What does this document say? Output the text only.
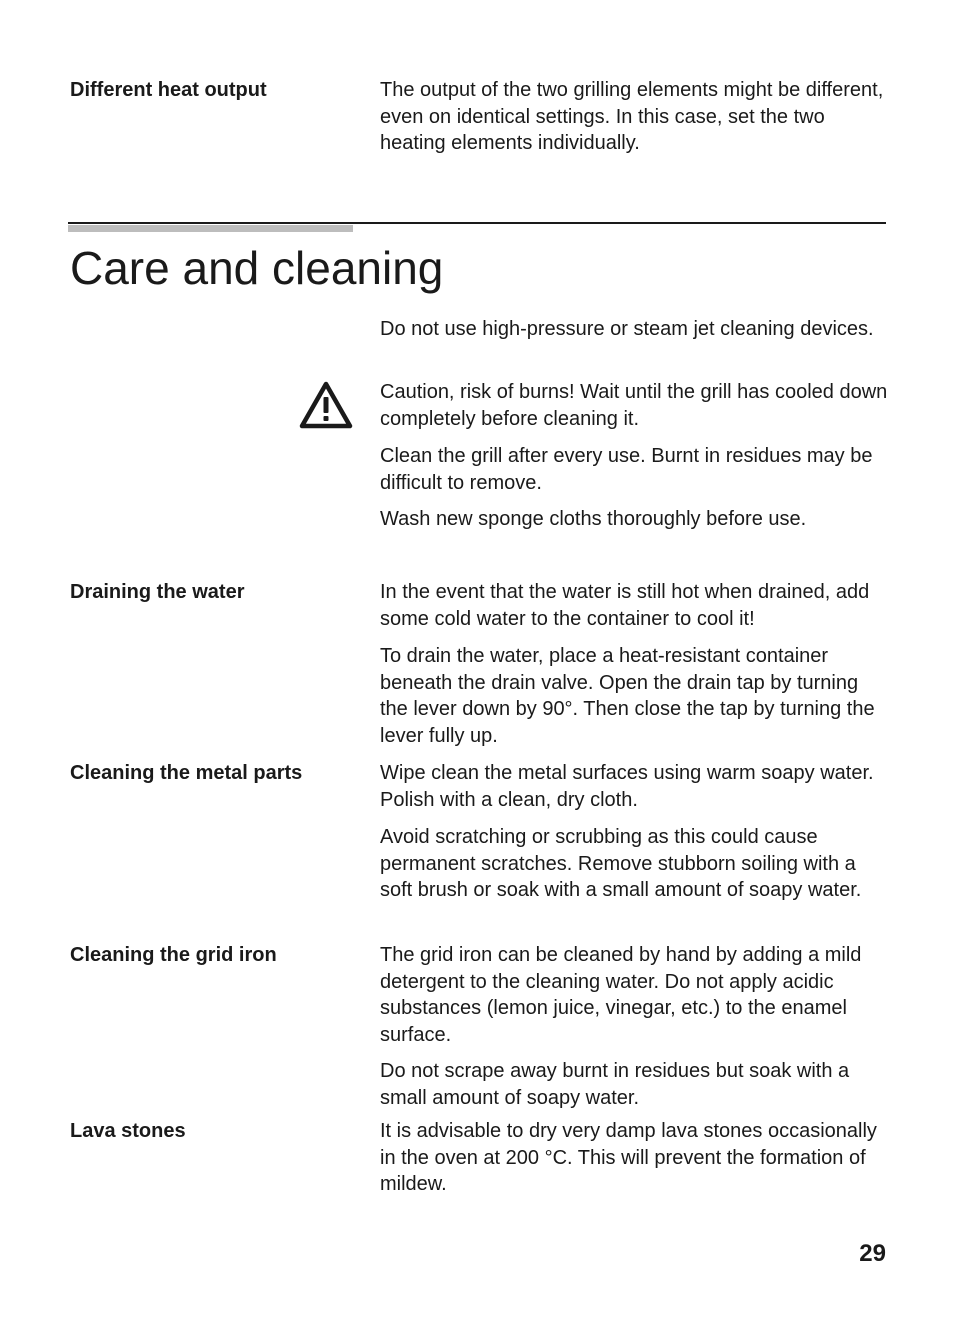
Different heat output	The output of the two grilling elements might be different, even on identical settings. In this case, set the two heating elements individually.

Care and cleaning

Do not use high-pressure or steam jet cleaning devices.

Caution, risk of burns! Wait until the grill has cooled down completely before cleaning it.

Clean the grill after every use. Burnt in residues may be difficult to remove.

Wash new sponge cloths thoroughly before use.

Draining the water	In the event that the water is still hot when drained, add some cold water to the container to cool it!

To drain the water, place a heat-resistant container beneath the drain valve. Open the drain tap by turning the lever down by 90°. Then close the tap by turning the lever fully up.

Cleaning the metal parts	Wipe clean the metal surfaces using warm soapy water. Polish with a clean, dry cloth.

Avoid scratching or scrubbing as this could cause permanent scratches. Remove stubborn soiling with a soft brush or soak with a small amount of soapy water.

Cleaning the grid iron	The grid iron can be cleaned by hand by adding a mild detergent to the cleaning water. Do not apply acidic substances (lemon juice, vinegar, etc.) to the enamel surface.

Do not scrape away burnt in residues but soak with a small amount of soapy water.

Lava stones	It is advisable to dry very damp lava stones occasionally in the oven at 200 °C. This will prevent the formation of mildew.

29
